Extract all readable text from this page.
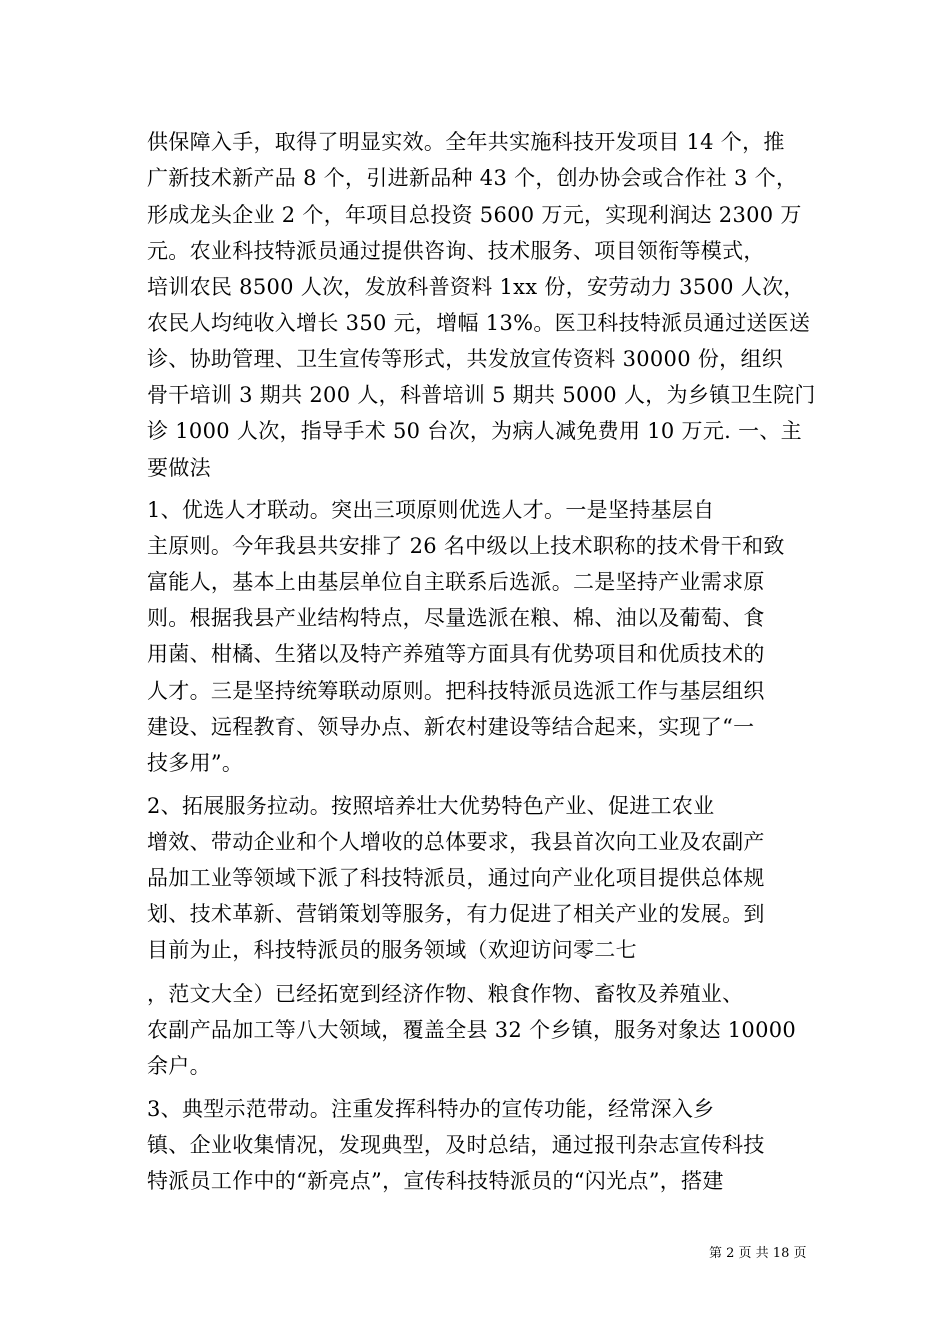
供保障入手，取得了明显实效。全年共实施科技开发项目 14 个，推
广新技术新产品 8 个，引进新品种 43 个，创办协会或合作社 3 个，
形成龙头企业 2 个，年项目总投资 5600 万元，实现利润达 2300 万
元。农业科技特派员通过提供咨询、技术服务、项目领衔等模式，
培训农民 8500 人次，发放科普资料 1xx 份，安劳动力 3500 人次，
农民人均纯收入增长 350 元，增幅 13%。医卫科技特派员通过送医送
诊、协助管理、卫生宣传等形式，共发放宣传资料 30000 份，组织
骨干培训 3 期共 200 人，科普培训 5 期共 5000 人，为乡镇卫生院门
诊 1000 人次，指导手术 50 台次，为病人减免费用 10 万元. 一、主
要做法
1、优选人才联动。突出三项原则优选人才。一是坚持基层自
主原则。今年我县共安排了 26 名中级以上技术职称的技术骨干和致
富能人，基本上由基层单位自主联系后选派。二是坚持产业需求原
则。根据我县产业结构特点，尽量选派在粮、棉、油以及葡萄、食
用菌、柑橘、生猪以及特产养殖等方面具有优势项目和优质技术的
人才。三是坚持统筹联动原则。把科技特派员选派工作与基层组织
建设、远程教育、领导办点、新农村建设等结合起来，实现了“一
技多用”。
2、拓展服务拉动。按照培养壮大优势特色产业、促进工农业
增效、带动企业和个人增收的总体要求，我县首次向工业及农副产
品加工业等领域下派了科技特派员，通过向产业化项目提供总体规
划、技术革新、营销策划等服务，有力促进了相关产业的发展。到
目前为止，科技特派员的服务领域（欢迎访问零二七
，范文大全）已经拓宽到经济作物、粮食作物、畜牧及养殖业、
农副产品加工等八大领域，覆盖全县 32 个乡镇，服务对象达 10000
余户。
3、典型示范带动。注重发挥科特办的宣传功能，经常深入乡
镇、企业收集情况，发现典型，及时总结，通过报刊杂志宣传科技
特派员工作中的“新亮点”，宣传科技特派员的“闪光点”，搭建
第 2 页 共 18 页
